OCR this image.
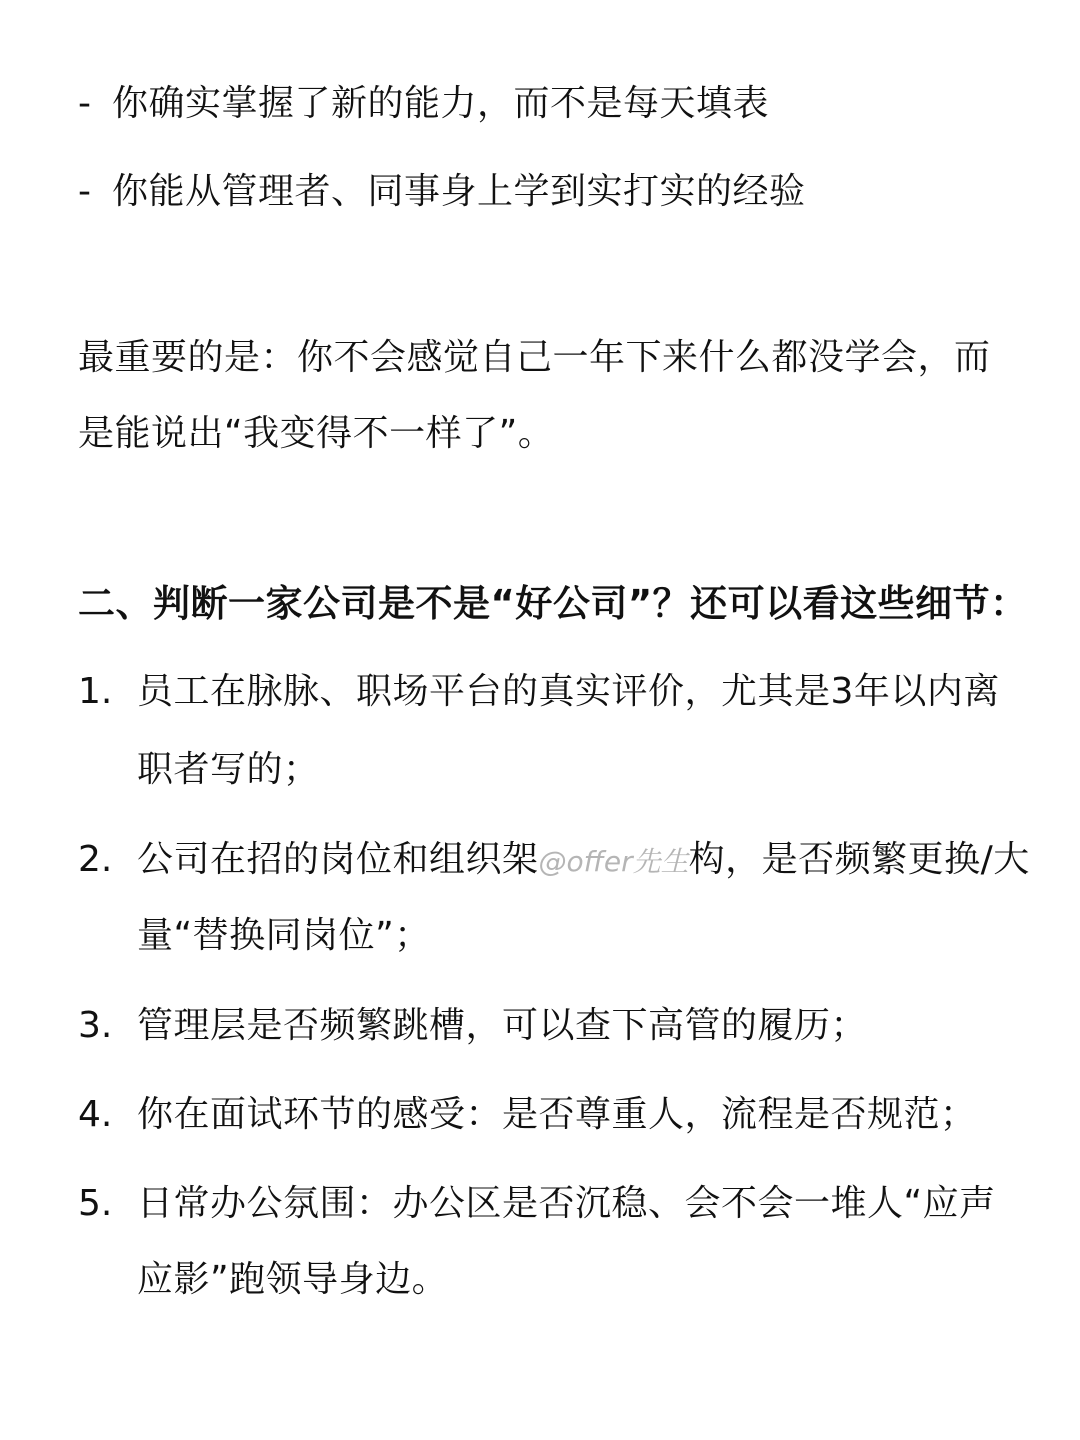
- 你确实掌握了新的能力，而不是每天填表
- 你能从管理者、同事身上学到实打实的经验
最重要的是：你不会感觉自己一年下来什么都没学会，而
是能说出“我变得不一样了”。
二、判断一家公司是不是“好公司”？还可以看这些细节：
1. 员工在脉脉、职场平台的真实评价，尤其是3年以内离
职者写的；
2. 公司在招的岗位和组织架@offer先生构，是否频繁更换/大
量“替换同岗位”；
3. 管理层是否频繁跳槽，可以查下高管的履历；
4. 你在面试环节的感受：是否尊重人，流程是否规范；
5. 日常办公氛围：办公区是否沉稳、会不会一堆人“应声
应影”跑领导身边。
